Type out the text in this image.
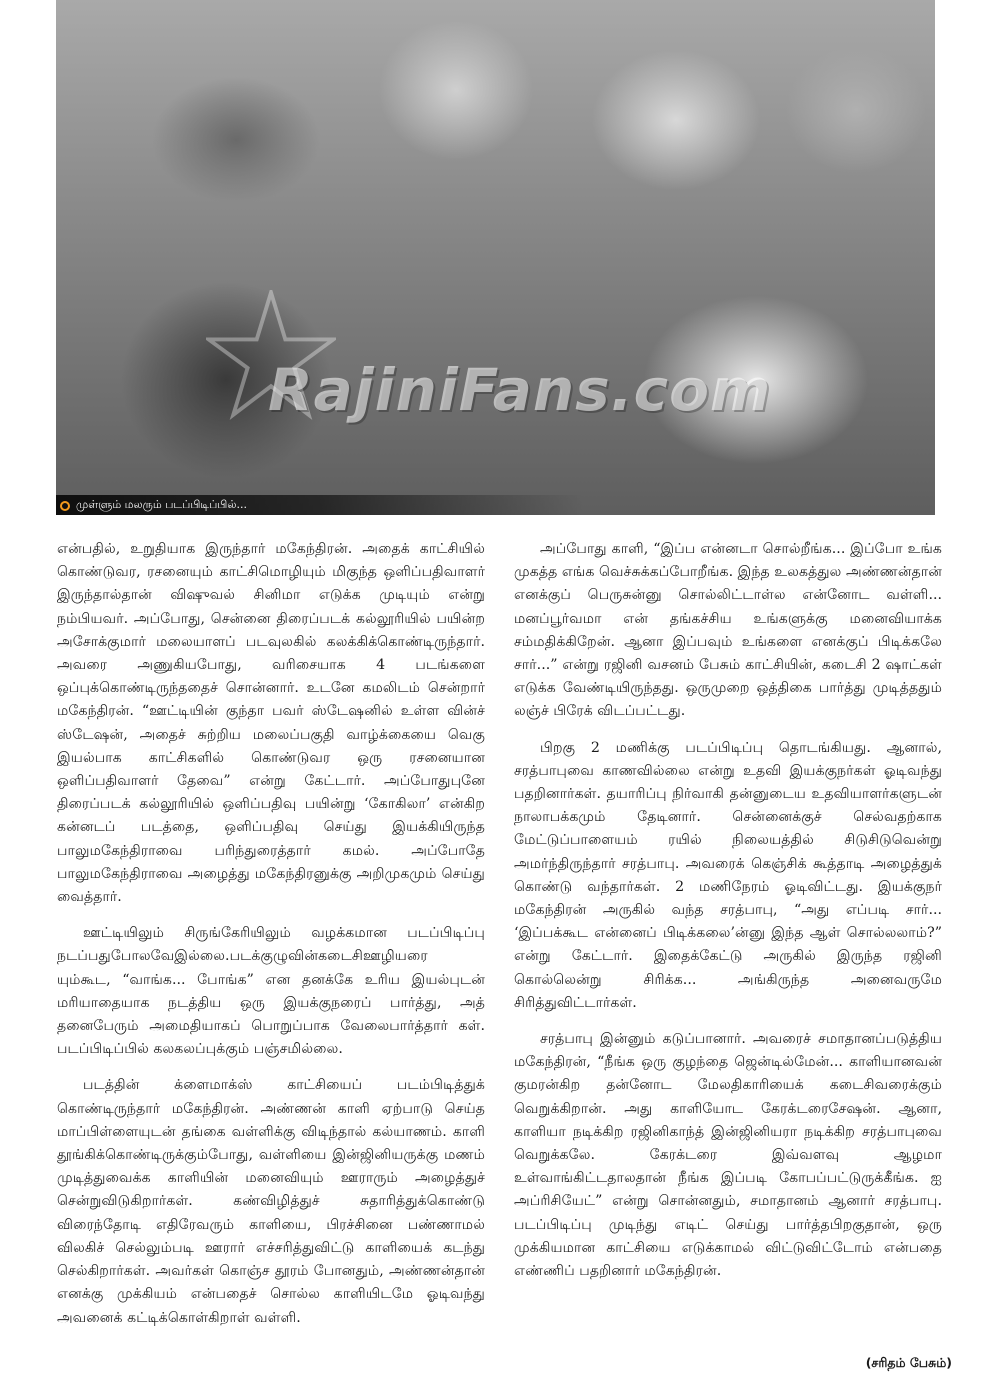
RajiniFans.com
முள்ளும் மலரும் படப்பிடிப்பில்...

என்பதில், உறுதியாக இருந்தார் மகேந்திரன். அதைக் காட்சியில் கொண்டுவர, ரசனையும் காட்சிமொழியும் மிகுந்த ஒளிப்பதிவாளர் இருந்தால்தான் விஷுவல் சினிமா எடுக்க முடியும் என்று நம்பியவர். அப்போது, சென்னை திரைப்படக் கல்லூரியில் பயின்ற அசோக்குமார் மலையாளப் படவுலகில் கலக்கிக்கொண்டிருந்தார். அவரை அணுகியபோது, வரிசையாக 4 படங்களை ஒப்புக்கொண்டிருந்ததைச் சொன்னார். உடனே கமலிடம் சென்றார் மகேந்திரன். “ஊட்டியின் குந்தா பவர் ஸ்டேஷனில் உள்ள வின்ச் ஸ்டேஷன், அதைச் சுற்றிய மலைப்பகுதி வாழ்க்கையை வெகு இயல்பாக காட்சிகளில் கொண்டுவர ஒரு ரசனையான ஒளிப்பதிவாளர் தேவை” என்று கேட்டார். அப்போதுபுனே திரைப்படக் கல்லூரியில் ஒளிப்பதிவு பயின்று ‘கோகிலா’ என்கிற கன்னடப் படத்தை, ஒளிப்பதிவு செய்து இயக்கியிருந்த பாலுமகேந்திராவை பரிந்துரைத்தார் கமல். அப்போதே பாலுமகேந்திராவை அழைத்து மகேந்திரனுக்கு அறிமுகமும் செய்து வைத்தார்.

ஊட்டியிலும் சிருங்கேரியிலும் வழக்கமான படப்பிடிப்பு நடப்பதுபோலவேஇல்லை.படக்குழுவின்கடைசிஊழியரை யும்கூட, “வாங்க... போங்க” என தனக்கே உரிய இயல்புடன் மரியாதையாக நடத்திய ஒரு இயக்குநரைப் பார்த்து, அத் தனைபேரும் அமைதியாகப் பொறுப்பாக வேலைபார்த்தார் கள். படப்பிடிப்பில் கலகலப்புக்கும் பஞ்சமில்லை.

படத்தின் க்ளைமாக்ஸ் காட்சியைப் படம்பிடித்துக் கொண்டிருந்தார் மகேந்திரன். அண்ணன் காளி ஏற்பாடு செய்த மாப்பிள்ளையுடன் தங்கை வள்ளிக்கு விடிந்தால் கல்யாணம். காளி தூங்கிக்கொண்டிருக்கும்போது, வள்ளியை இன்ஜினியருக்கு மணம் முடித்துவைக்க காளியின் மனைவியும் ஊராரும் அழைத்துச் சென்றுவிடுகிறார்கள். கண்விழித்துச் சுதாரித்துக்கொண்டு விரைந்தோடி எதிரேவரும் காளியை, பிரச்சினை பண்ணாமல் விலகிச் செல்லும்படி ஊரார் எச்சரித்துவிட்டு காளியைக் கடந்து செல்கிறார்கள். அவர்கள் கொஞ்ச தூரம் போனதும், அண்ணன்தான் எனக்கு முக்கியம் என்பதைச் சொல்ல காளியிடமே ஓடிவந்து அவனைக் கட்டிக்கொள்கிறாள் வள்ளி.

அப்போது காளி, “இப்ப என்னடா சொல்றீங்க... இப்போ உங்க முகத்த எங்க வெச்சுக்கப்போறீங்க. இந்த உலகத்துல அண்ணன்தான் எனக்குப் பெருசுன்னு சொல்லிட்டாள்ல என்னோட வள்ளி... மனப்பூர்வமா என் தங்கச்சிய உங்களுக்கு மனைவியாக்க சம்மதிக்கிறேன். ஆனா இப்பவும் உங்களை எனக்குப் பிடிக்கலே சார்...” என்று ரஜினி வசனம் பேசும் காட்சியின், கடைசி 2 ஷாட்கள் எடுக்க வேண்டியிருந்தது. ஒருமுறை ஒத்திகை பார்த்து முடித்ததும் லஞ்ச் பிரேக் விடப்பட்டது.

பிறகு 2 மணிக்கு படப்பிடிப்பு தொடங்கியது. ஆனால், சரத்பாபுவை காணவில்லை என்று உதவி இயக்குநர்கள் ஓடிவந்து பதறினார்கள். தயாரிப்பு நிர்வாகி தன்னுடைய உதவியாளர்களுடன் நாலாபக்கமும் தேடினார். சென்னைக்குச் செல்வதற்காக மேட்டுப்பாளையம் ரயில் நிலையத்தில் சிடுசிடுவென்று அமர்ந்திருந்தார் சரத்பாபு. அவரைக் கெஞ்சிக் கூத்தாடி அழைத்துக் கொண்டு வந்தார்கள். 2 மணிநேரம் ஓடிவிட்டது. இயக்குநர் மகேந்திரன் அருகில் வந்த சரத்பாபு, “அது எப்படி சார்... ‘இப்பக்கூட என்னைப் பிடிக்கலை’ன்னு இந்த ஆள் சொல்லலாம்?” என்று கேட்டார். இதைக்கேட்டு அருகில் இருந்த ரஜினி கொல்லென்று சிரிக்க... அங்கிருந்த அனைவருமே சிரித்துவிட்டார்கள்.

சரத்பாபு இன்னும் கடுப்பானார். அவரைச் சமாதானப்படுத்திய மகேந்திரன், “நீங்க ஒரு குழந்தை ஜென்டில்மேன்... காளியானவன் குமரன்கிற தன்னோட மேலதிகாரியைக் கடைசிவரைக்கும் வெறுக்கிறான். அது காளியோட கேரக்டரைசேஷன். ஆனா, காளியா நடிக்கிற ரஜினிகாந்த் இன்ஜினியரா நடிக்கிற சரத்பாபுவை வெறுக்கலே. கேரக்டரை இவ்வளவு ஆழமா உள்வாங்கிட்டதாலதான் நீங்க இப்படி கோபப்பட்டுருக்கீங்க. ஐ அப்ரிசியேட்” என்று சொன்னதும், சமாதானம் ஆனார் சரத்பாபு. படப்பிடிப்பு முடிந்து எடிட் செய்து பார்த்தபிறகுதான், ஒரு முக்கியமான காட்சியை எடுக்காமல் விட்டுவிட்டோம் என்பதை எண்ணிப் பதறினார் மகேந்திரன்.

(சரிதம் பேசும்)
